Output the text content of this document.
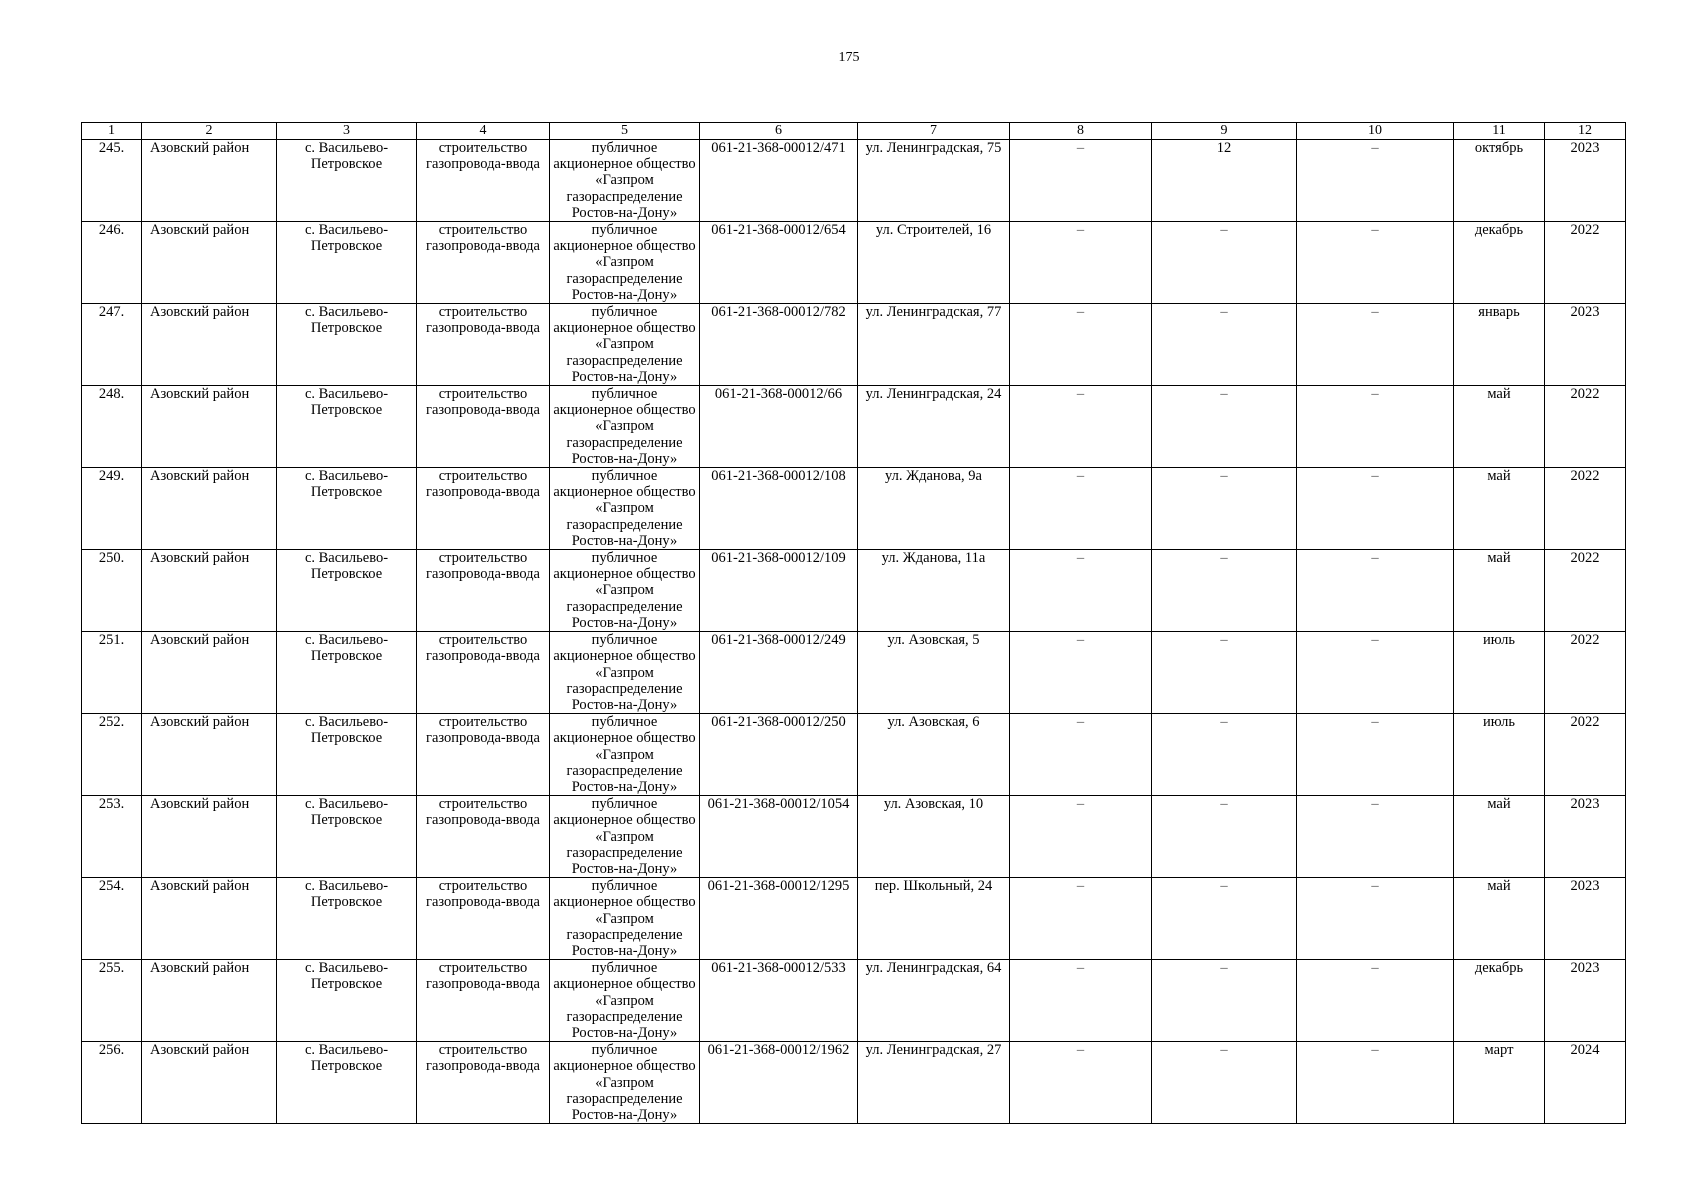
175
1	2	3	4	5	6	7	8	9	10	11	12
245.	Азовский район	с. Васильево-Петровское	строительство газопровода-ввода	публичное акционерное общество «Газпром газораспределение Ростов-на-Дону»	061-21-368-00012/471	ул. Ленинградская, 75	–	12	–	октябрь	2023
246.	Азовский район	с. Васильево-Петровское	строительство газопровода-ввода	публичное акционерное общество «Газпром газораспределение Ростов-на-Дону»	061-21-368-00012/654	ул. Строителей, 16	–	–	–	декабрь	2022
247.	Азовский район	с. Васильево-Петровское	строительство газопровода-ввода	публичное акционерное общество «Газпром газораспределение Ростов-на-Дону»	061-21-368-00012/782	ул. Ленинградская, 77	–	–	–	январь	2023
248.	Азовский район	с. Васильево-Петровское	строительство газопровода-ввода	публичное акционерное общество «Газпром газораспределение Ростов-на-Дону»	061-21-368-00012/66	ул. Ленинградская, 24	–	–	–	май	2022
249.	Азовский район	с. Васильево-Петровское	строительство газопровода-ввода	публичное акционерное общество «Газпром газораспределение Ростов-на-Дону»	061-21-368-00012/108	ул. Жданова, 9а	–	–	–	май	2022
250.	Азовский район	с. Васильево-Петровское	строительство газопровода-ввода	публичное акционерное общество «Газпром газораспределение Ростов-на-Дону»	061-21-368-00012/109	ул. Жданова, 11а	–	–	–	май	2022
251.	Азовский район	с. Васильево-Петровское	строительство газопровода-ввода	публичное акционерное общество «Газпром газораспределение Ростов-на-Дону»	061-21-368-00012/249	ул. Азовская, 5	–	–	–	июль	2022
252.	Азовский район	с. Васильево-Петровское	строительство газопровода-ввода	публичное акционерное общество «Газпром газораспределение Ростов-на-Дону»	061-21-368-00012/250	ул. Азовская, 6	–	–	–	июль	2022
253.	Азовский район	с. Васильево-Петровское	строительство газопровода-ввода	публичное акционерное общество «Газпром газораспределение Ростов-на-Дону»	061-21-368-00012/1054	ул. Азовская, 10	–	–	–	май	2023
254.	Азовский район	с. Васильево-Петровское	строительство газопровода-ввода	публичное акционерное общество «Газпром газораспределение Ростов-на-Дону»	061-21-368-00012/1295	пер. Школьный, 24	–	–	–	май	2023
255.	Азовский район	с. Васильево-Петровское	строительство газопровода-ввода	публичное акционерное общество «Газпром газораспределение Ростов-на-Дону»	061-21-368-00012/533	ул. Ленинградская, 64	–	–	–	декабрь	2023
256.	Азовский район	с. Васильево-Петровское	строительство газопровода-ввода	публичное акционерное общество «Газпром газораспределение Ростов-на-Дону»	061-21-368-00012/1962	ул. Ленинградская, 27	–	–	–	март	2024
